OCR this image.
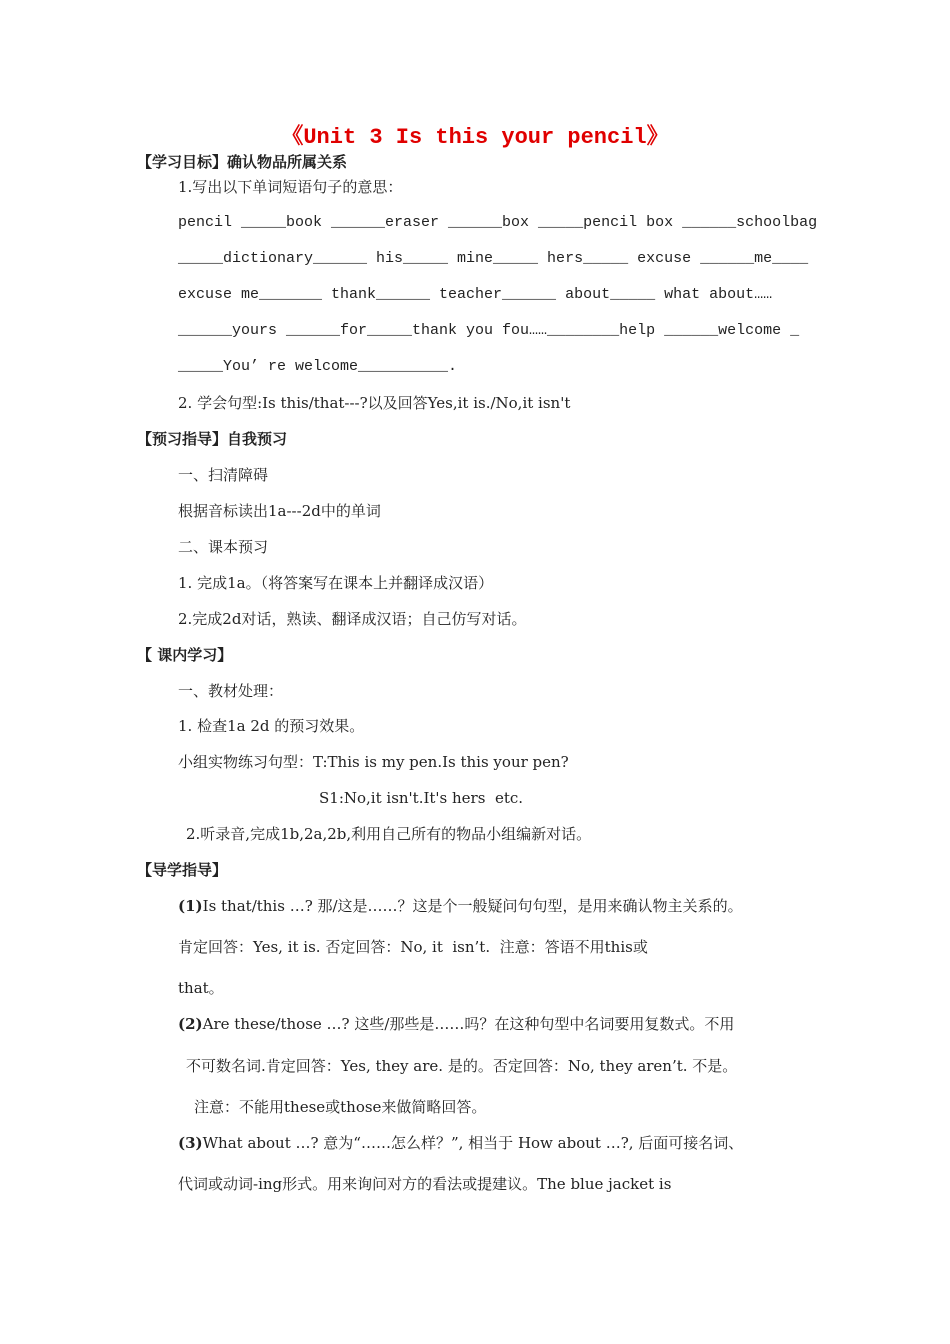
《Unit 3 Is this your pencil》
【学习目标】确认物品所属关系
1.写出以下单词短语句子的意思：
pencil _____book ______eraser ______box _____pencil box ______schoolbag
_____dictionary______ his_____ mine_____ hers_____ excuse ______me____
excuse me_______ thank______ teacher______ about_____ what about……
______yours ______for_____thank you fou……________help ______welcome _
_____You’ re welcome__________.
2. 学会句型:Is this/that---?以及回答Yes,it is./No,it isn't
【预习指导】自我预习
一、扫清障碍
根据音标读出1a---2d中的单词
二、课本预习
1. 完成1a。（将答案写在课本上并翻译成汉语）
2.完成2d对话，熟读、翻译成汉语；自己仿写对话。
【 课内学习】
一、教材处理：
1. 检查1a 2d 的预习效果。
小组实物练习句型：T:This is my pen.Is this your pen?
S1:No,it isn't.It's hers  etc.
2.听录音,完成1b,2a,2b,利用自己所有的物品小组编新对话。
【导学指导】
(1)Is that/this …? 那/这是……？这是个一般疑问句句型，是用来确认物主关系的。
肯定回答：Yes, it is. 否定回答：No, it  isn’t.  注意：答语不用this或
that。
(2)Are these/those …? 这些/那些是……吗？在这种句型中名词要用复数式。不用
不可数名词.肯定回答：Yes, they are. 是的。否定回答：No, they aren’t. 不是。
注意：不能用these或those来做简略回答。
(3)What about …? 意为“……怎么样？”, 相当于 How about …?, 后面可接名词、
代词或动词-ing形式。用来询问对方的看法或提建议。The blue jacket is
